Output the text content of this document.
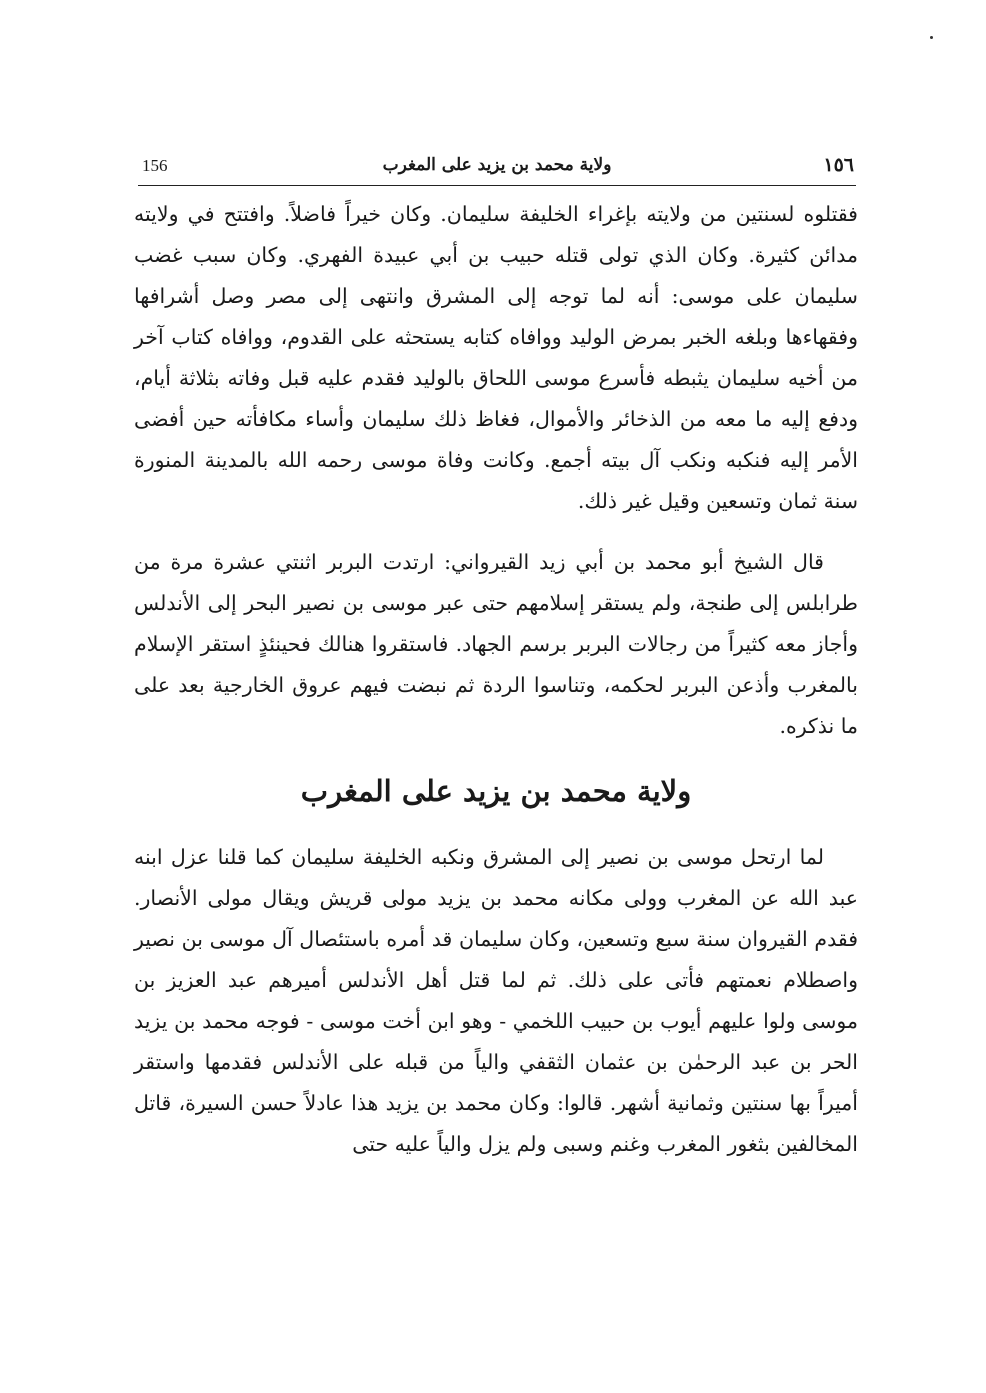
156	ولاية محمد بن يزيد على المغرب	١٥٦

فقتلوه لسنتين من ولايته بإغراء الخليفة سليمان. وكان خيراً فاضلاً. وافتتح في ولايته مدائن كثيرة. وكان الذي تولى قتله حبيب بن أبي عبيدة الفهري. وكان سبب غضب سليمان على موسى: أنه لما توجه إلى المشرق وانتهى إلى مصر وصل أشرافها وفقهاءها وبلغه الخبر بمرض الوليد ووافاه كتابه يستحثه على القدوم، ووافاه كتاب آخر من أخيه سليمان يثبطه فأسرع موسى اللحاق بالوليد فقدم عليه قبل وفاته بثلاثة أيام، ودفع إليه ما معه من الذخائر والأموال، فغاظ ذلك سليمان وأساء مكافأته حين أفضى الأمر إليه فنكبه ونكب آل بيته أجمع. وكانت وفاة موسى رحمه الله بالمدينة المنورة سنة ثمان وتسعين وقيل غير ذلك.

قال الشيخ أبو محمد بن أبي زيد القيرواني: ارتدت البربر اثنتي عشرة مرة من طرابلس إلى طنجة، ولم يستقر إسلامهم حتى عبر موسى بن نصير البحر إلى الأندلس وأجاز معه كثيراً من رجالات البربر برسم الجهاد. فاستقروا هنالك فحينئذٍ استقر الإسلام بالمغرب وأذعن البربر لحكمه، وتناسوا الردة ثم نبضت فيهم عروق الخارجية بعد على ما نذكره.

ولاية محمد بن يزيد على المغرب

لما ارتحل موسى بن نصير إلى المشرق ونكبه الخليفة سليمان كما قلنا عزل ابنه عبد الله عن المغرب وولى مكانه محمد بن يزيد مولى قريش ويقال مولى الأنصار. فقدم القيروان سنة سبع وتسعين، وكان سليمان قد أمره باستئصال آل موسى بن نصير واصطلام نعمتهم فأتى على ذلك. ثم لما قتل أهل الأندلس أميرهم عبد العزيز بن موسى ولوا عليهم أيوب بن حبيب اللخمي - وهو ابن أخت موسى - فوجه محمد بن يزيد الحر بن عبد الرحمٰن بن عثمان الثقفي والياً من قبله على الأندلس فقدمها واستقر أميراً بها سنتين وثمانية أشهر. قالوا: وكان محمد بن يزيد هذا عادلاً حسن السيرة، قاتل المخالفين بثغور المغرب وغنم وسبى ولم يزل والياً عليه حتى
